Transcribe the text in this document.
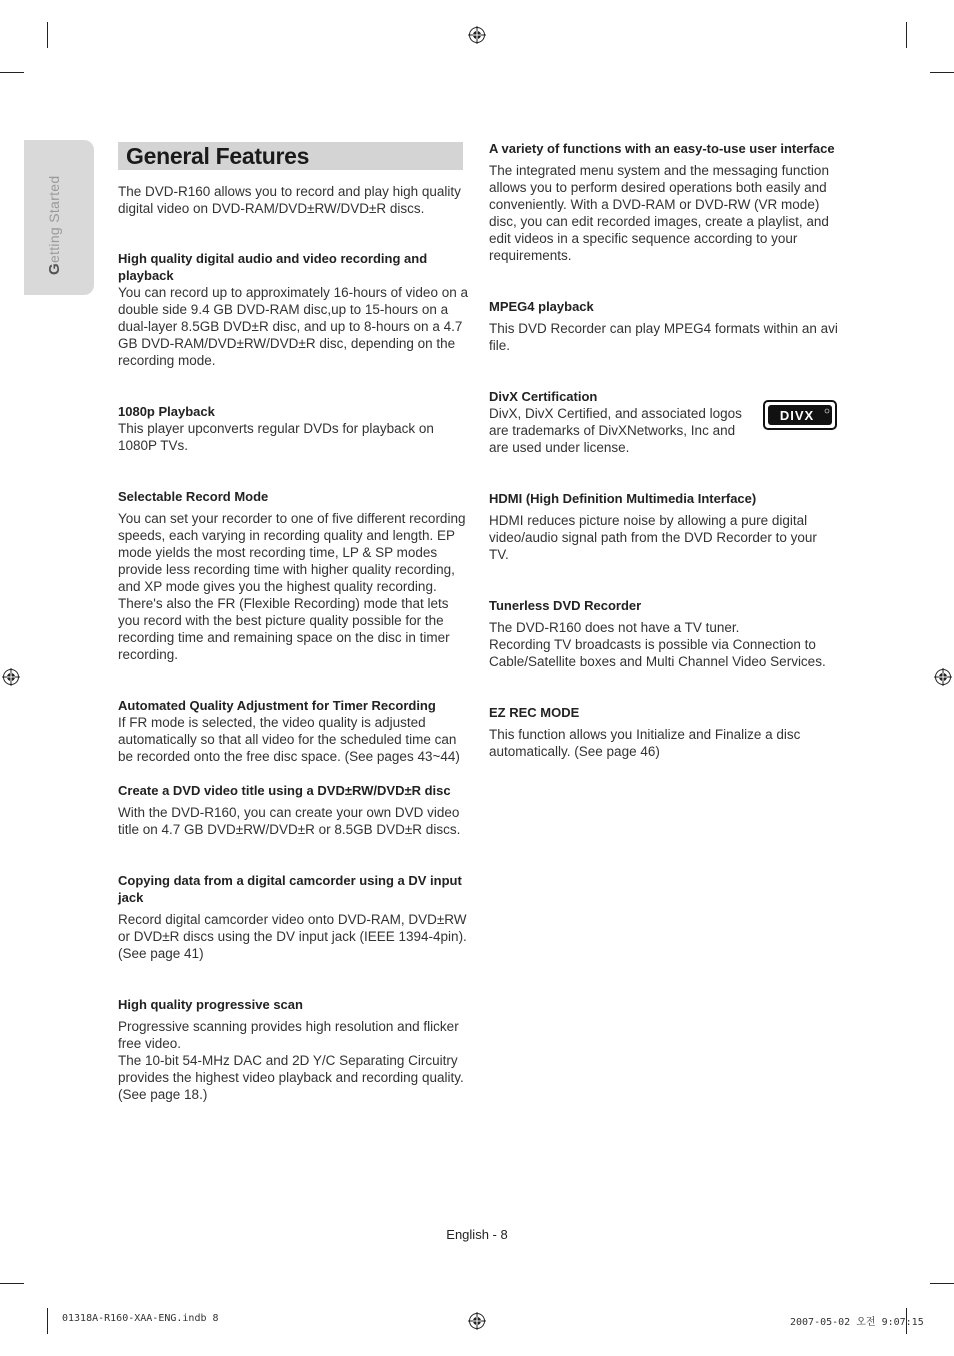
Getting Started
General Features

The DVD-R160 allows you to record and play high quality digital video on DVD-RAM/DVD±RW/DVD±R discs.

High quality digital audio and video recording and playback

You can record up to approximately 16-hours of video on a double side 9.4 GB DVD-RAM disc,up to 15-hours on a dual-layer 8.5GB DVD±R disc, and up to 8-hours on a 4.7 GB DVD-RAM/DVD±RW/DVD±R disc, depending on the recording mode.

1080p Playback

This player upconverts regular DVDs for playback on 1080P TVs.

Selectable Record Mode

You can set your recorder to one of five different recording speeds, each varying in recording quality and length. EP mode yields the most recording time, LP & SP modes provide less recording time with higher quality recording, and XP mode gives you the highest quality recording. There's also the FR (Flexible Recording) mode that lets you record with the best picture quality possible for the recording time and remaining space on the disc in timer recording.

Automated Quality Adjustment for Timer Recording

If FR mode is selected, the video quality is adjusted automatically so that all video for the scheduled time can be recorded onto the free disc space. (See pages 43~44)

Create a DVD video title using a DVD±RW/DVD±R disc

With the DVD-R160, you can create your own DVD video title on 4.7 GB DVD±RW/DVD±R or 8.5GB DVD±R discs.

Copying data from a digital camcorder using a DV input jack

Record digital camcorder video onto DVD-RAM, DVD±RW or DVD±R discs using the DV input jack (IEEE 1394-4pin). (See page 41)

High quality progressive scan

Progressive scanning provides high resolution and flicker free video.

The 10-bit 54-MHz DAC and 2D Y/C Separating Circuitry provides the highest video playback and recording quality. (See page 18.)

A variety of functions with an easy-to-use user interface

The integrated menu system and the messaging function allows you to perform desired operations both easily and conveniently. With a DVD-RAM or DVD-RW (VR mode) disc, you can edit recorded images, create a playlist, and edit videos in a specific sequence according to your requirements.

MPEG4 playback

This DVD Recorder can play MPEG4 formats within an avi file.

DivX Certification

DivX, DivX Certified, and associated logos are trademarks of DivXNetworks, Inc and are used under license.

DIVX

HDMI (High Definition Multimedia Interface)

HDMI reduces picture noise by allowing a pure digital video/audio signal path from the DVD Recorder to your TV.

Tunerless DVD Recorder

The DVD-R160 does not have a TV tuner.

Recording TV broadcasts is possible via Connection to Cable/Satellite boxes and Multi Channel Video Services.

EZ REC MODE

This function allows you Initialize and Finalize a disc automatically. (See page 46)

English - 8
01318A-R160-XAA-ENG.indb 8	2007-05-02 오전 9:07:15
